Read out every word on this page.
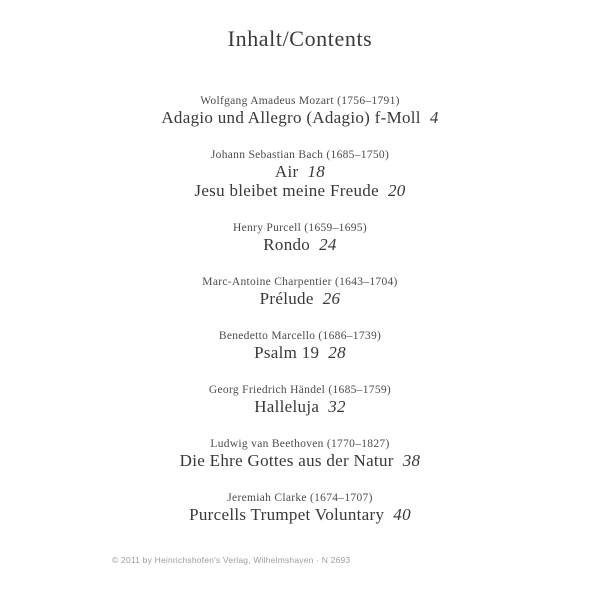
Inhalt/Contents
Wolfgang Amadeus Mozart (1756–1791)
Adagio und Allegro (Adagio) f-Moll 4
Johann Sebastian Bach (1685–1750)
Air 18
Jesu bleibet meine Freude 20
Henry Purcell (1659–1695)
Rondo 24
Marc-Antoine Charpentier (1643–1704)
Prélude 26
Benedetto Marcello (1686–1739)
Psalm 19 28
Georg Friedrich Händel (1685–1759)
Halleluja 32
Ludwig van Beethoven (1770–1827)
Die Ehre Gottes aus der Natur 38
Jeremiah Clarke (1674–1707)
Purcells Trumpet Voluntary 40
© 2011 by Heinrichshofen's Verlag, Wilhelmshaven · N 2693
